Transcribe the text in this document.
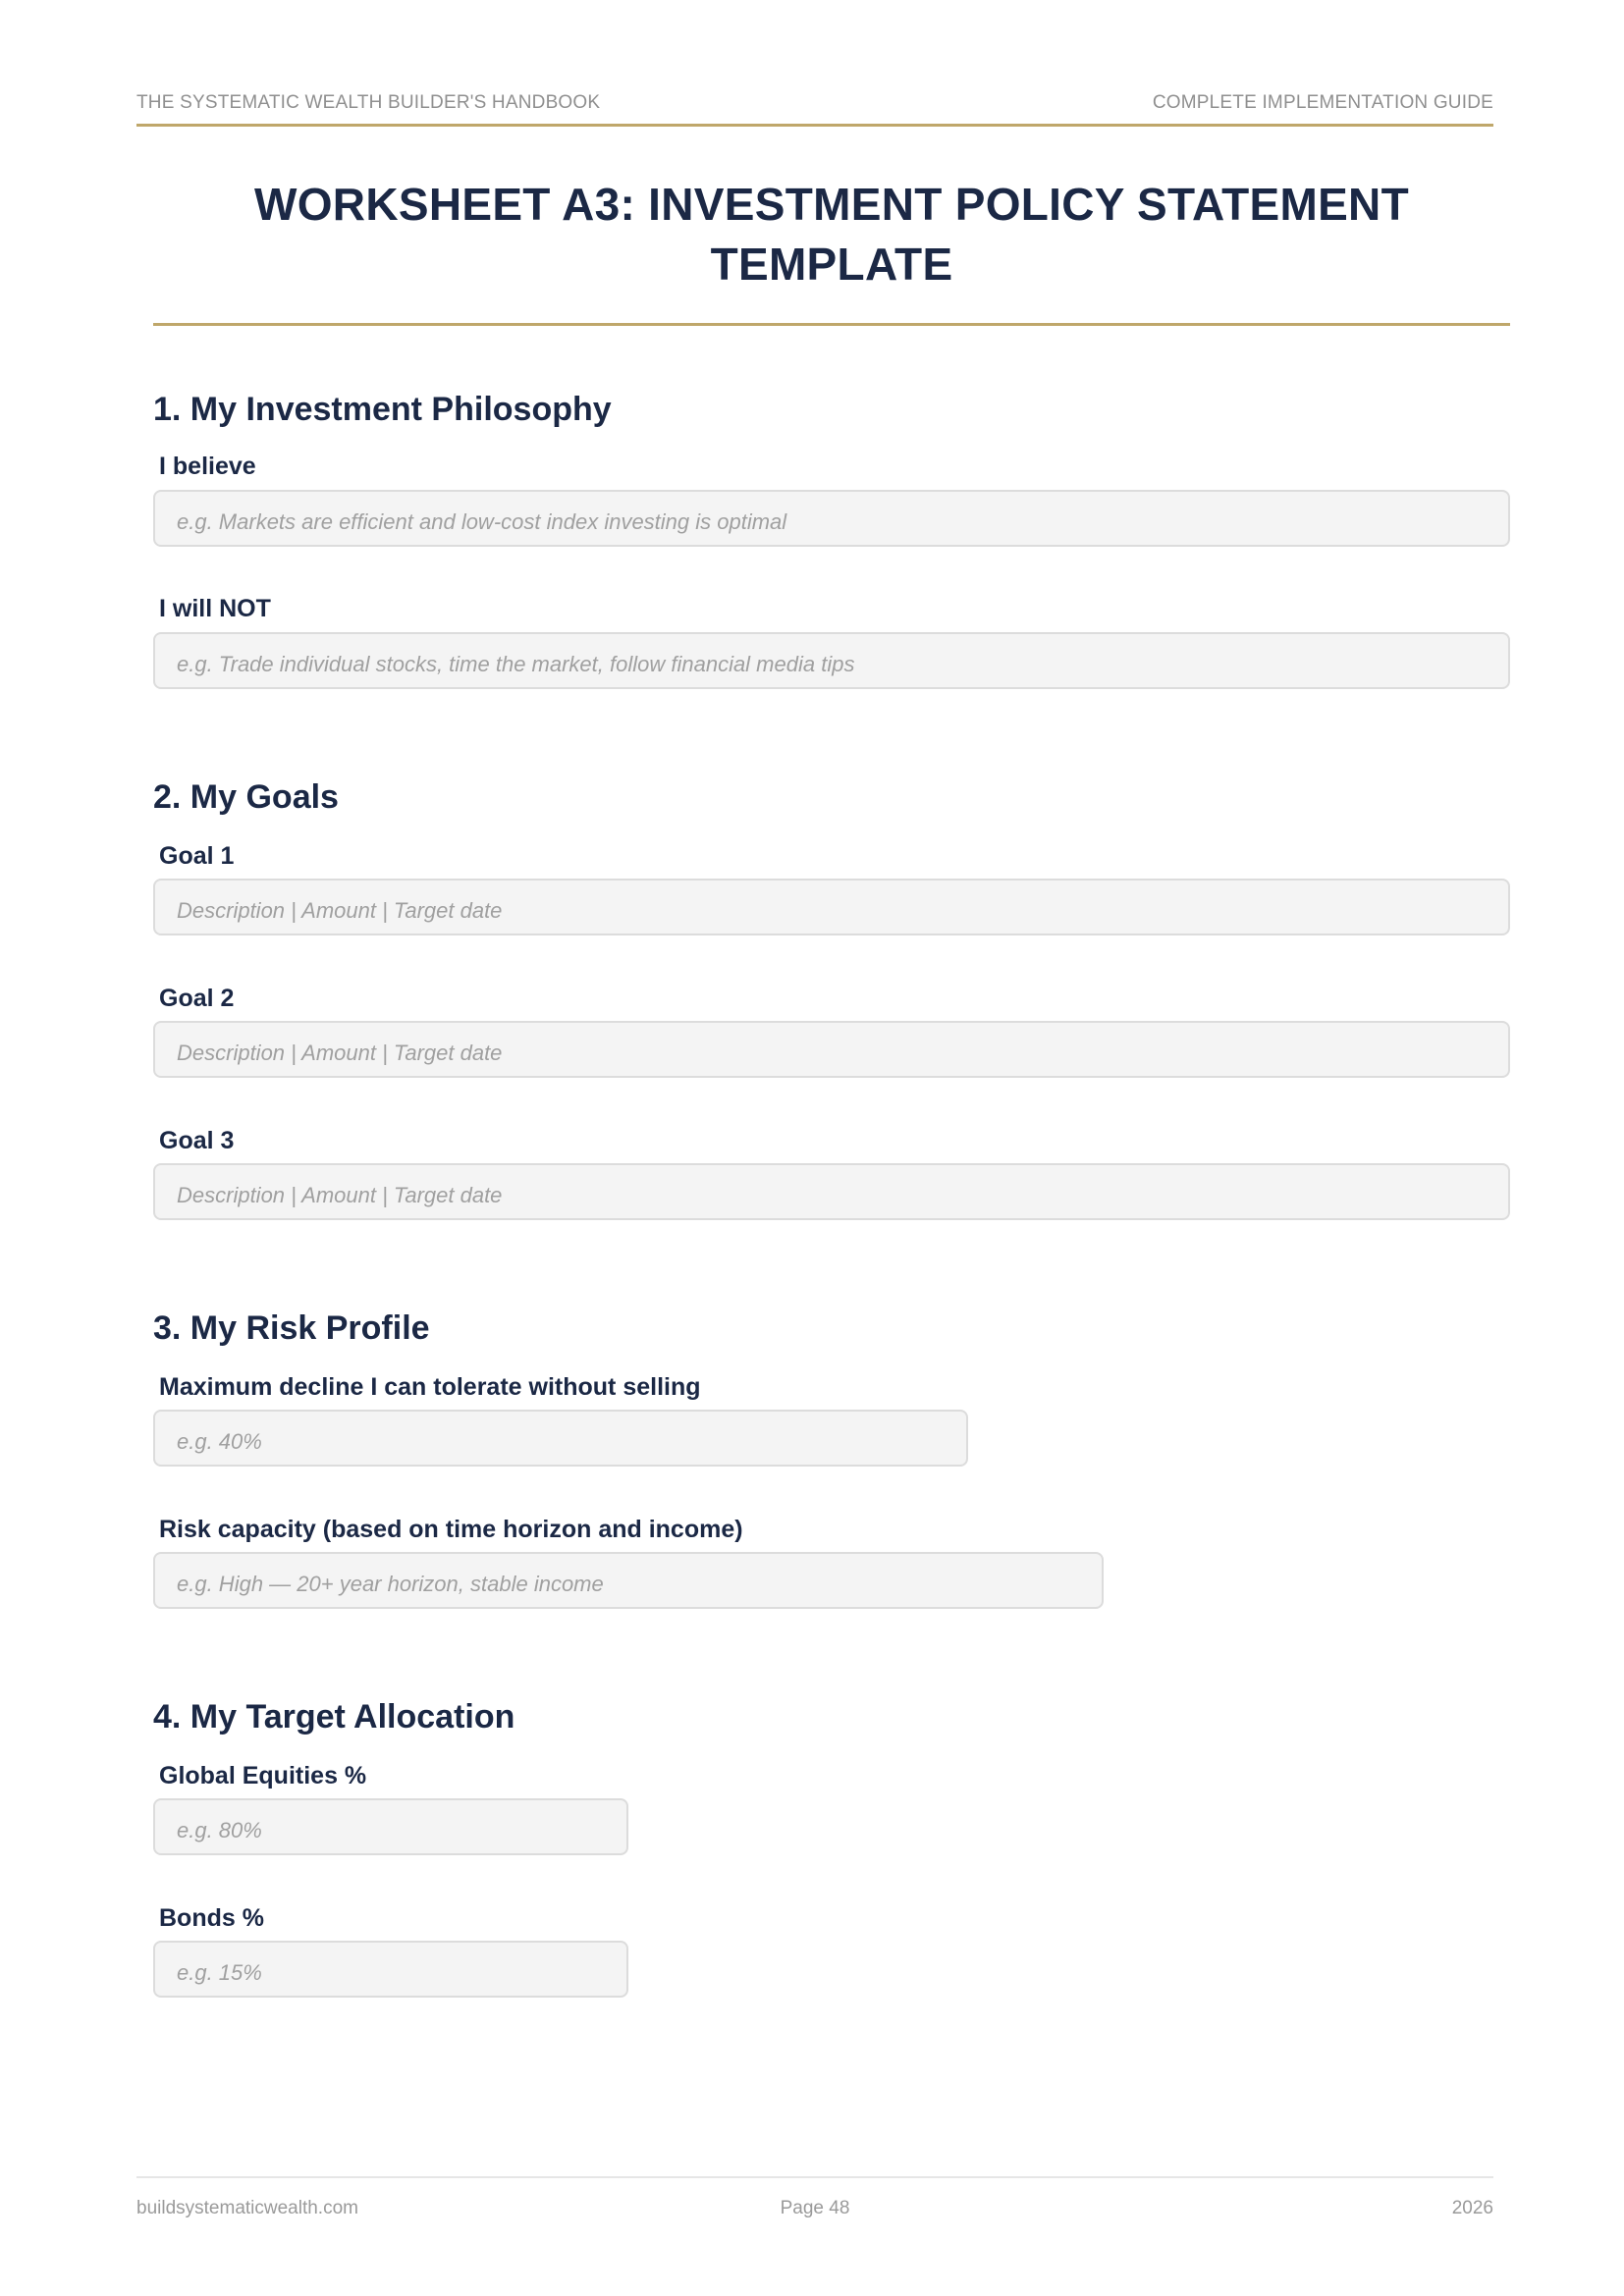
THE SYSTEMATIC WEALTH BUILDER'S HANDBOOK	COMPLETE IMPLEMENTATION GUIDE
WORKSHEET A3: INVESTMENT POLICY STATEMENT
TEMPLATE
1. My Investment Philosophy
I believe
e.g. Markets are efficient and low-cost index investing is optimal
I will NOT
e.g. Trade individual stocks, time the market, follow financial media tips
2. My Goals
Goal 1
Description | Amount | Target date
Goal 2
Description | Amount | Target date
Goal 3
Description | Amount | Target date
3. My Risk Profile
Maximum decline I can tolerate without selling
e.g. 40%
Risk capacity (based on time horizon and income)
e.g. High — 20+ year horizon, stable income
4. My Target Allocation
Global Equities %
e.g. 80%
Bonds %
e.g. 15%
buildsystematicwealth.com	Page 48	2026
